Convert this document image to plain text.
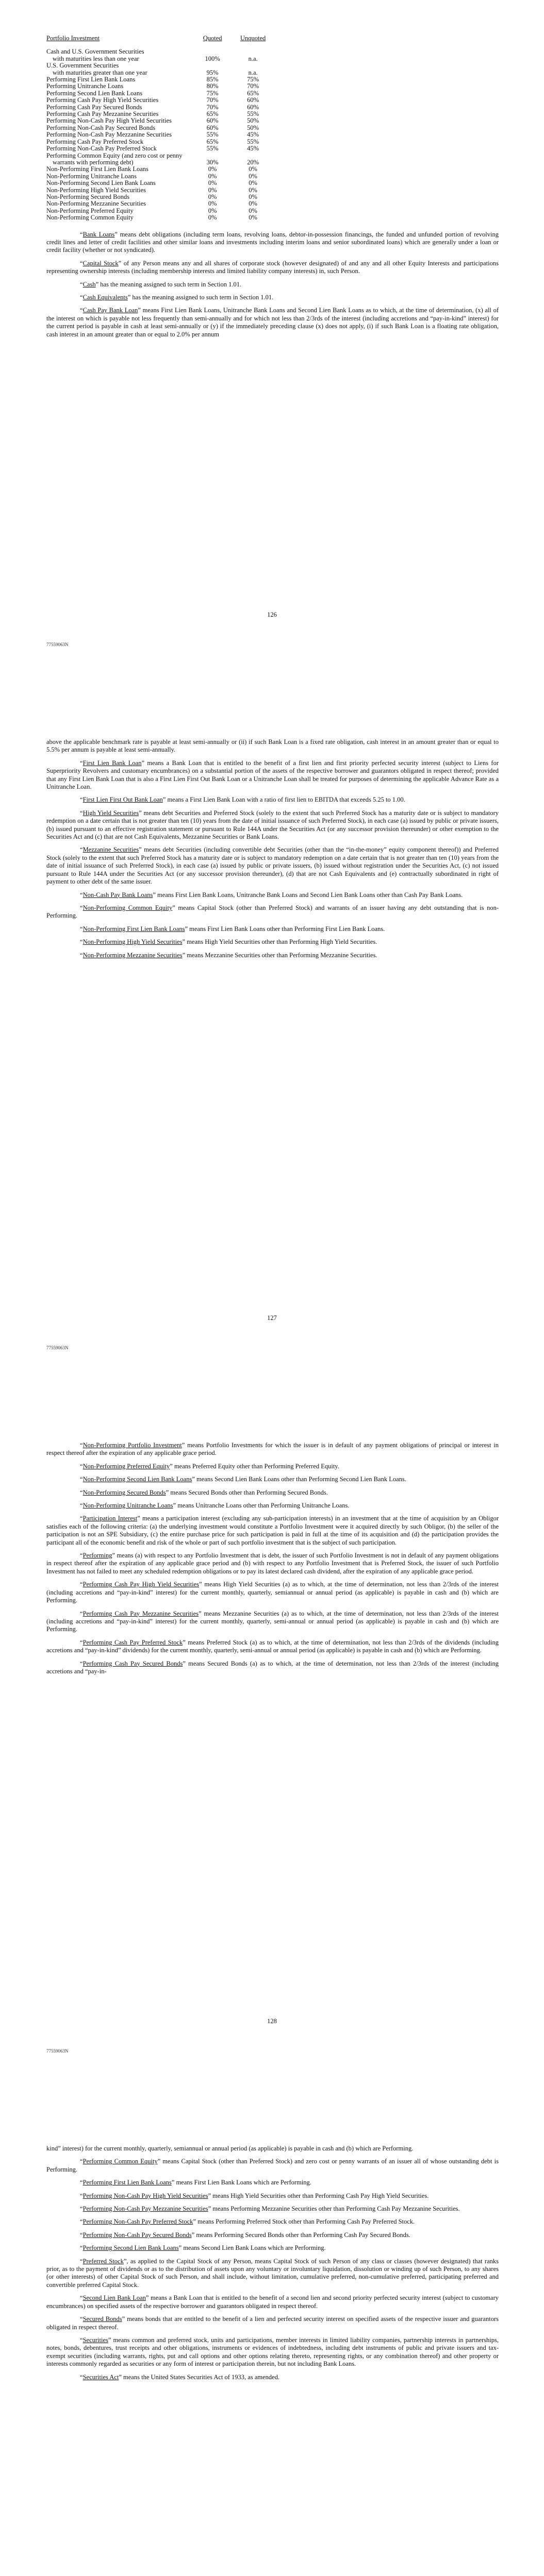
Portfolio Investment	Quoted	Unquoted
Cash and U.S. Government Securities		
with maturities less than one year	100%	n.a.
U.S. Government Securities		
with maturities greater than one year	95%	n.a.
Performing First Lien Bank Loans	85%	75%
Performing Unitranche Loans	80%	70%
Performing Second Lien Bank Loans	75%	65%
Performing Cash Pay High Yield Securities	70%	60%
Performing Cash Pay Secured Bonds	70%	60%
Performing Cash Pay Mezzanine Securities	65%	55%
Performing Non-Cash Pay High Yield Securities	60%	50%
Performing Non-Cash Pay Secured Bonds	60%	50%
Performing Non-Cash Pay Mezzanine Securities	55%	45%
Performing Cash Pay Preferred Stock	65%	55%
Performing Non-Cash Pay Preferred Stock	55%	45%
Performing Common Equity (and zero cost or penny		
warrants with performing debt)	30%	20%
Non-Performing First Lien Bank Loans	0%	0%
Non-Performing Unitranche Loans	0%	0%
Non-Performing Second Lien Bank Loans	0%	0%
Non-Performing High Yield Securities	0%	0%
Non-Performing Secured Bonds	0%	0%
Non-Performing Mezzanine Securities	0%	0%
Non-Performing Preferred Equity	0%	0%
Non-Performing Common Equity	0%	0%

“Bank Loans” means debt obligations (including term loans, revolving loans, debtor-in-possession financings, the funded and unfunded portion of revolving credit lines and letter of credit facilities and other similar loans and investments including interim loans and senior subordinated loans) which are generally under a loan or credit facility (whether or not syndicated).

“Capital Stock” of any Person means any and all shares of corporate stock (however designated) of and any and all other Equity Interests and participations representing ownership interests (including membership interests and limited liability company interests) in, such Person.

“Cash” has the meaning assigned to such term in Section 1.01.

“Cash Equivalents” has the meaning assigned to such term in Section 1.01.

“Cash Pay Bank Loan” means First Lien Bank Loans, Unitranche Bank Loans and Second Lien Bank Loans as to which, at the time of determination, (x) all of the interest on which is payable not less frequently than semi-annually and for which not less than 2/3rds of the interest (including accretions and “pay-in-kind” interest) for the current period is payable in cash at least semi-annually or (y) if the immediately preceding clause (x) does not apply, (i) if such Bank Loan is a floating rate obligation, cash interest in an amount greater than or equal to 2.0% per annum

126
77559063N

above the applicable benchmark rate is payable at least semi-annually or (ii) if such Bank Loan is a fixed rate obligation, cash interest in an amount greater than or equal to 5.5% per annum is payable at least semi-annually.

“First Lien Bank Loan” means a Bank Loan that is entitled to the benefit of a first lien and first priority perfected security interest (subject to Liens for Superpriority Revolvers and customary encumbrances) on a substantial portion of the assets of the respective borrower and guarantors obligated in respect thereof; provided that any First Lien Bank Loan that is also a First Lien First Out Bank Loan or a Unitranche Loan shall be treated for purposes of determining the applicable Advance Rate as a Unitranche Loan.

“First Lien First Out Bank Loan” means a First Lien Bank Loan with a ratio of first lien to EBITDA that exceeds 5.25 to 1.00.

“High Yield Securities” means debt Securities and Preferred Stock (solely to the extent that such Preferred Stock has a maturity date or is subject to mandatory redemption on a date certain that is not greater than ten (10) years from the date of initial issuance of such Preferred Stock), in each case (a) issued by public or private issuers, (b) issued pursuant to an effective registration statement or pursuant to Rule 144A under the Securities Act (or any successor provision thereunder) or other exemption to the Securities Act and (c) that are not Cash Equivalents, Mezzanine Securities or Bank Loans.

“Mezzanine Securities” means debt Securities (including convertible debt Securities (other than the “in-the-money” equity component thereof)) and Preferred Stock (solely to the extent that such Preferred Stock has a maturity date or is subject to mandatory redemption on a date certain that is not greater than ten (10) years from the date of initial issuance of such Preferred Stock), in each case (a) issued by public or private issuers, (b) issued without registration under the Securities Act, (c) not issued pursuant to Rule 144A under the Securities Act (or any successor provision thereunder), (d) that are not Cash Equivalents and (e) contractually subordinated in right of payment to other debt of the same issuer.

“Non-Cash Pay Bank Loans” means First Lien Bank Loans, Unitranche Bank Loans and Second Lien Bank Loans other than Cash Pay Bank Loans.

“Non-Performing Common Equity” means Capital Stock (other than Preferred Stock) and warrants of an issuer having any debt outstanding that is non-Performing.

“Non-Performing First Lien Bank Loans” means First Lien Bank Loans other than Performing First Lien Bank Loans.

“Non-Performing High Yield Securities” means High Yield Securities other than Performing High Yield Securities.

“Non-Performing Mezzanine Securities” means Mezzanine Securities other than Performing Mezzanine Securities.

127
77559063N

“Non-Performing Portfolio Investment” means Portfolio Investments for which the issuer is in default of any payment obligations of principal or interest in respect thereof after the expiration of any applicable grace period.

“Non-Performing Preferred Equity” means Preferred Equity other than Performing Preferred Equity.

“Non-Performing Second Lien Bank Loans” means Second Lien Bank Loans other than Performing Second Lien Bank Loans.

“Non-Performing Secured Bonds” means Secured Bonds other than Performing Secured Bonds.

“Non-Performing Unitranche Loans” means Unitranche Loans other than Performing Unitranche Loans.

“Participation Interest” means a participation interest (excluding any sub-participation interests) in an investment that at the time of acquisition by an Obligor satisfies each of the following criteria: (a) the underlying investment would constitute a Portfolio Investment were it acquired directly by such Obligor, (b) the seller of the participation is not an SPE Subsidiary, (c) the entire purchase price for such participation is paid in full at the time of its acquisition and (d) the participation provides the participant all of the economic benefit and risk of the whole or part of such portfolio investment that is the subject of such participation.

“Performing” means (a) with respect to any Portfolio Investment that is debt, the issuer of such Portfolio Investment is not in default of any payment obligations in respect thereof after the expiration of any applicable grace period and (b) with respect to any Portfolio Investment that is Preferred Stock, the issuer of such Portfolio Investment has not failed to meet any scheduled redemption obligations or to pay its latest declared cash dividend, after the expiration of any applicable grace period.

“Performing Cash Pay High Yield Securities” means High Yield Securities (a) as to which, at the time of determination, not less than 2/3rds of the interest (including accretions and “pay-in-kind” interest) for the current monthly, quarterly, semiannual or annual period (as applicable) is payable in cash and (b) which are Performing.

“Performing Cash Pay Mezzanine Securities” means Mezzanine Securities (a) as to which, at the time of determination, not less than 2/3rds of the interest (including accretions and “pay-in-kind” interest) for the current monthly, quarterly, semi-annual or annual period (as applicable) is payable in cash and (b) which are Performing.

“Performing Cash Pay Preferred Stock” means Preferred Stock (a) as to which, at the time of determination, not less than 2/3rds of the dividends (including accretions and “pay-in-kind” dividends) for the current monthly, quarterly, semi-annual or annual period (as applicable) is payable in cash and (b) which are Performing.

“Performing Cash Pay Secured Bonds” means Secured Bonds (a) as to which, at the time of determination, not less than 2/3rds of the interest (including accretions and “pay-in-

128
77559063N

kind” interest) for the current monthly, quarterly, semiannual or annual period (as applicable) is payable in cash and (b) which are Performing.

“Performing Common Equity” means Capital Stock (other than Preferred Stock) and zero cost or penny warrants of an issuer all of whose outstanding debt is Performing.

“Performing First Lien Bank Loans” means First Lien Bank Loans which are Performing.

“Performing Non-Cash Pay High Yield Securities” means High Yield Securities other than Performing Cash Pay High Yield Securities.

“Performing Non-Cash Pay Mezzanine Securities” means Performing Mezzanine Securities other than Performing Cash Pay Mezzanine Securities.

“Performing Non-Cash Pay Preferred Stock” means Performing Preferred Stock other than Performing Cash Pay Preferred Stock.

“Performing Non-Cash Pay Secured Bonds” means Performing Secured Bonds other than Performing Cash Pay Secured Bonds.

“Performing Second Lien Bank Loans” means Second Lien Bank Loans which are Performing.

“Preferred Stock”, as applied to the Capital Stock of any Person, means Capital Stock of such Person of any class or classes (however designated) that ranks prior, as to the payment of dividends or as to the distribution of assets upon any voluntary or involuntary liquidation, dissolution or winding up of such Person, to any shares (or other interests) of other Capital Stock of such Person, and shall include, without limitation, cumulative preferred, non-cumulative preferred, participating preferred and convertible preferred Capital Stock.

“Second Lien Bank Loan” means a Bank Loan that is entitled to the benefit of a second lien and second priority perfected security interest (subject to customary encumbrances) on specified assets of the respective borrower and guarantors obligated in respect thereof.

“Secured Bonds” means bonds that are entitled to the benefit of a lien and perfected security interest on specified assets of the respective issuer and guarantors obligated in respect thereof.

“Securities” means common and preferred stock, units and participations, member interests in limited liability companies, partnership interests in partnerships, notes, bonds, debentures, trust receipts and other obligations, instruments or evidences of indebtedness, including debt instruments of public and private issuers and tax-exempt securities (including warrants, rights, put and call options and other options relating thereto, representing rights, or any combination thereof) and other property or interests commonly regarded as securities or any form of interest or participation therein, but not including Bank Loans.

“Securities Act” means the United States Securities Act of 1933, as amended.
